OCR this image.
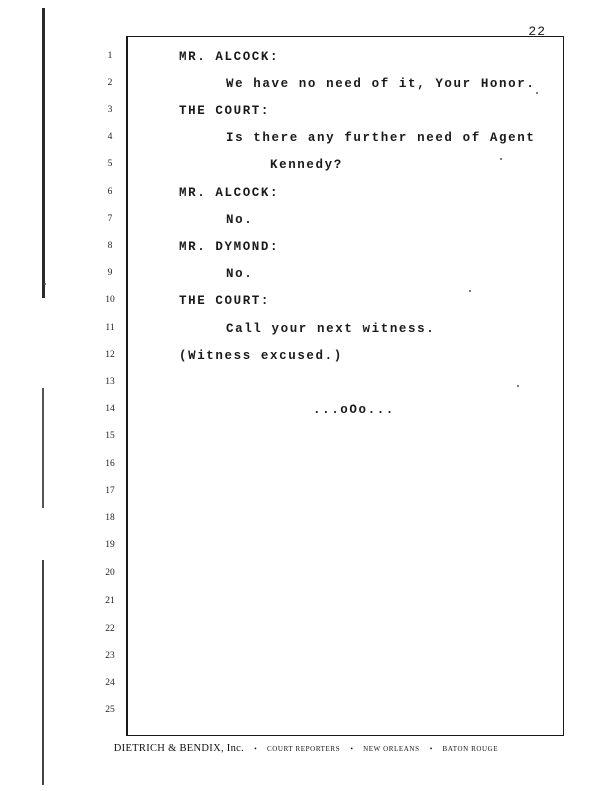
22
1
2
3
4
5
6
7
8
9
10
11
12
13
14
15
16
17
18
19
20
21
22
23
24
25
MR. ALCOCK:
We have no need of it, Your Honor.
THE COURT:
Is there any further need of Agent
Kennedy?
MR. ALCOCK:
No.
MR. DYMOND:
No.
THE COURT:
Call your next witness.
(Witness excused.)
...oOo...
DIETRICH & BENDIX, Inc. • COURT REPORTERS • NEW ORLEANS • BATON ROUGE
